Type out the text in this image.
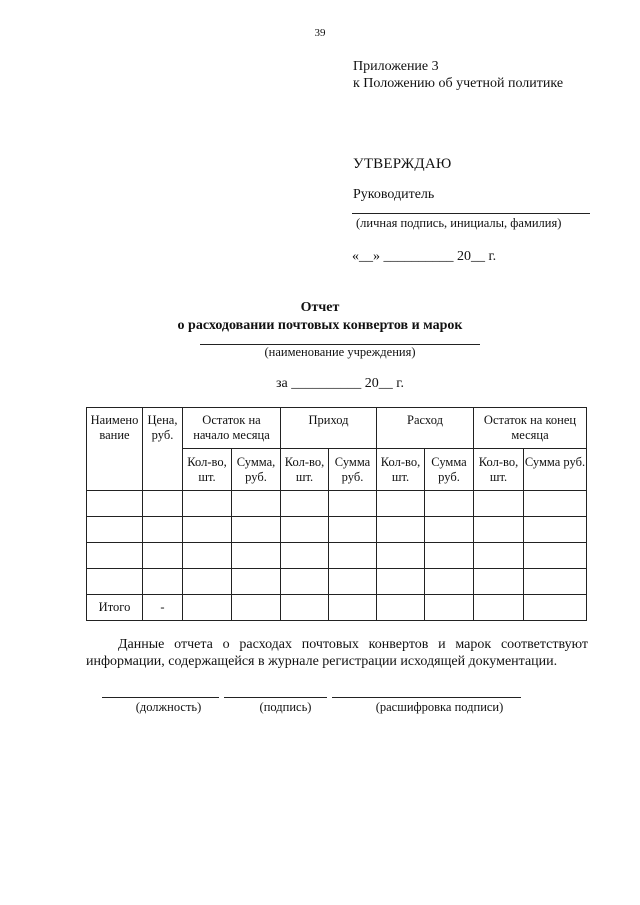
39
Приложение 3
к Положению об учетной политике
УТВЕРЖДАЮ
Руководитель
(личная подпись, инициалы, фамилия)
«__» __________ 20__ г.
Отчет
о расходовании почтовых конвертов и марок
(наименование учреждения)
за __________ 20__ г.
Наимено вание	Цена, руб.	Остаток на начало месяца		Приход		Расход		Остаток на конец месяца	
		Кол-во, шт.	Сумма, руб.	Кол-во, шт.	Сумма руб.	Кол-во, шт.	Сумма руб.	Кол-во, шт.	Сумма руб.

Итого	-								
Данные отчета о расходах почтовых конвертов и марок соответствуют информации, содержащейся в журнале регистрации исходящей документации.
(должность)	(подпись)	(расшифровка подписи)
